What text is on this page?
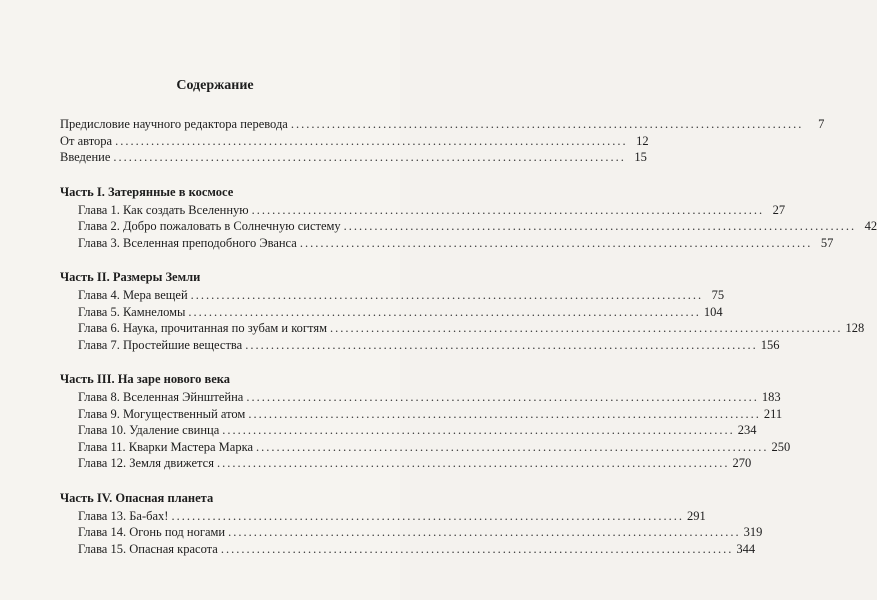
Содержание
Предисловие научного редактора перевода ....................................................................................................	7
От автора .................................................................................................... 12
Введение .................................................................................................... 15
Часть I. Затерянные в космосе
Глава 1. Как создать Вселенную .................................................................................................... 27
Глава 2. Добро пожаловать в Солнечную систему .................................................................................................... 42
Глава 3. Вселенная преподобного Эванса .................................................................................................... 57
Часть II. Размеры Земли
Глава 4. Мера вещей .................................................................................................... 75
Глава 5. Камнеломы .................................................................................................... 104
Глава 6. Наука, прочитанная по зубам и когтям .................................................................................................... 128
Глава 7. Простейшие вещества .................................................................................................... 156
Часть III. На заре нового века
Глава 8. Вселенная Эйнштейна .................................................................................................... 183
Глава 9. Могущественный атом .................................................................................................... 211
Глава 10. Удаление свинца .................................................................................................... 234
Глава 11. Кварки Мастера Марка .................................................................................................... 250
Глава 12. Земля движется .................................................................................................... 270
Часть IV. Опасная планета
Глава 13. Ба-бах! .................................................................................................... 291
Глава 14. Огонь под ногами .................................................................................................... 319
Глава 15. Опасная красота .................................................................................................... 344
